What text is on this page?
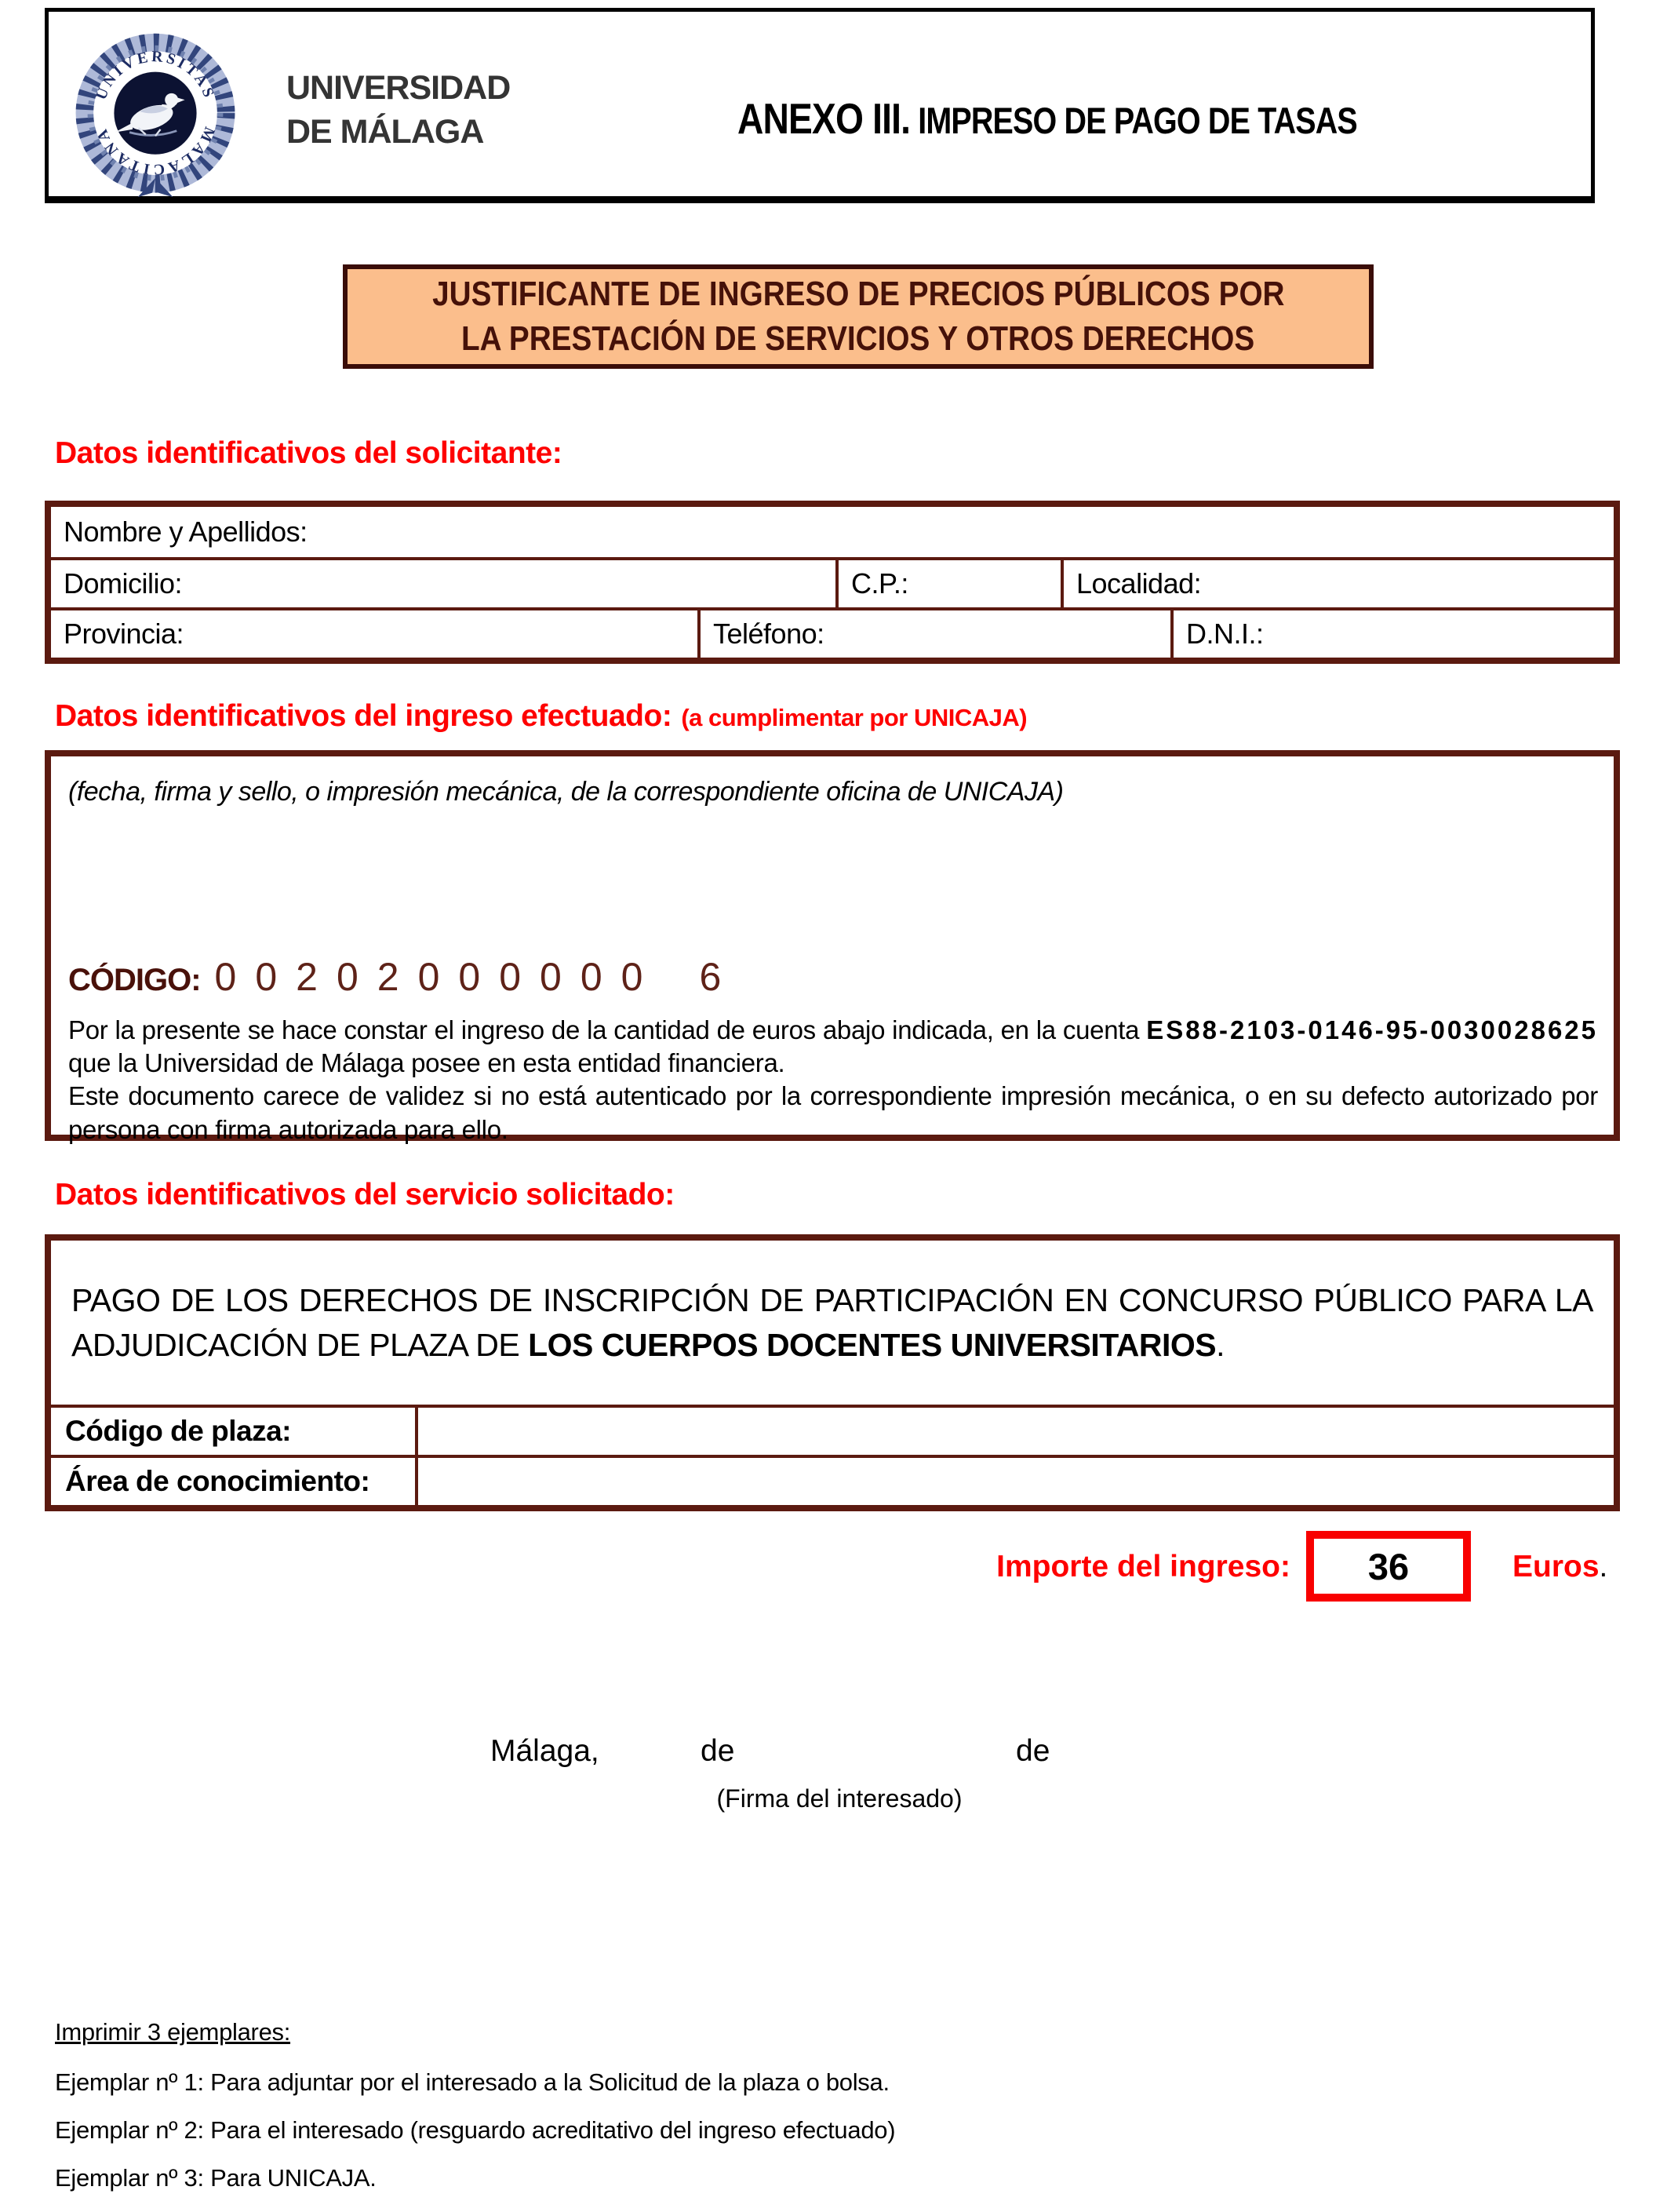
UNIVERSITAS
MALACITANA
UNIVERSIDAD
DE MÁLAGA	ANEXO III. IMPRESO DE PAGO DE TASAS
JUSTIFICANTE DE INGRESO DE PRECIOS PÚBLICOS POR
LA PRESTACIÓN DE SERVICIOS Y OTROS DERECHOS
Datos identificativos del solicitante:
Nombre y Apellidos:
Domicilio:	C.P.:	Localidad:
Provincia:	Teléfono:	D.N.I.:
Datos identificativos del ingreso efectuado: (a cumplimentar por UNICAJA)
(fecha, firma y sello, o impresión mecánica, de la correspondiente oficina de UNICAJA)
CÓDIGO: 00202000000 6

Por la presente se hace constar el ingreso de la cantidad de euros abajo indicada, en la cuenta ES88-2103-0146-95-0030028625 que la Universidad de Málaga posee en esta entidad financiera.

Este documento carece de validez si no está autenticado por la correspondiente impresión mecánica, o en su defecto autorizado por persona con firma autorizada para ello.

Datos identificativos del servicio solicitado:
PAGO DE LOS DERECHOS DE INSCRIPCIÓN DE PARTICIPACIÓN EN CONCURSO PÚBLICO PARA LA ADJUDICACIÓN DE PLAZA DE LOS CUERPOS DOCENTES UNIVERSITARIOS.
Código de plaza:
Área de conocimiento:
Importe del ingreso: 36	Euros.
Málaga,	de	de
(Firma del interesado)
Imprimir 3 ejemplares:
Ejemplar nº 1: Para adjuntar por el interesado a la Solicitud de la plaza o bolsa.
Ejemplar nº 2: Para el interesado (resguardo acreditativo del ingreso efectuado)
Ejemplar nº 3: Para UNICAJA.
